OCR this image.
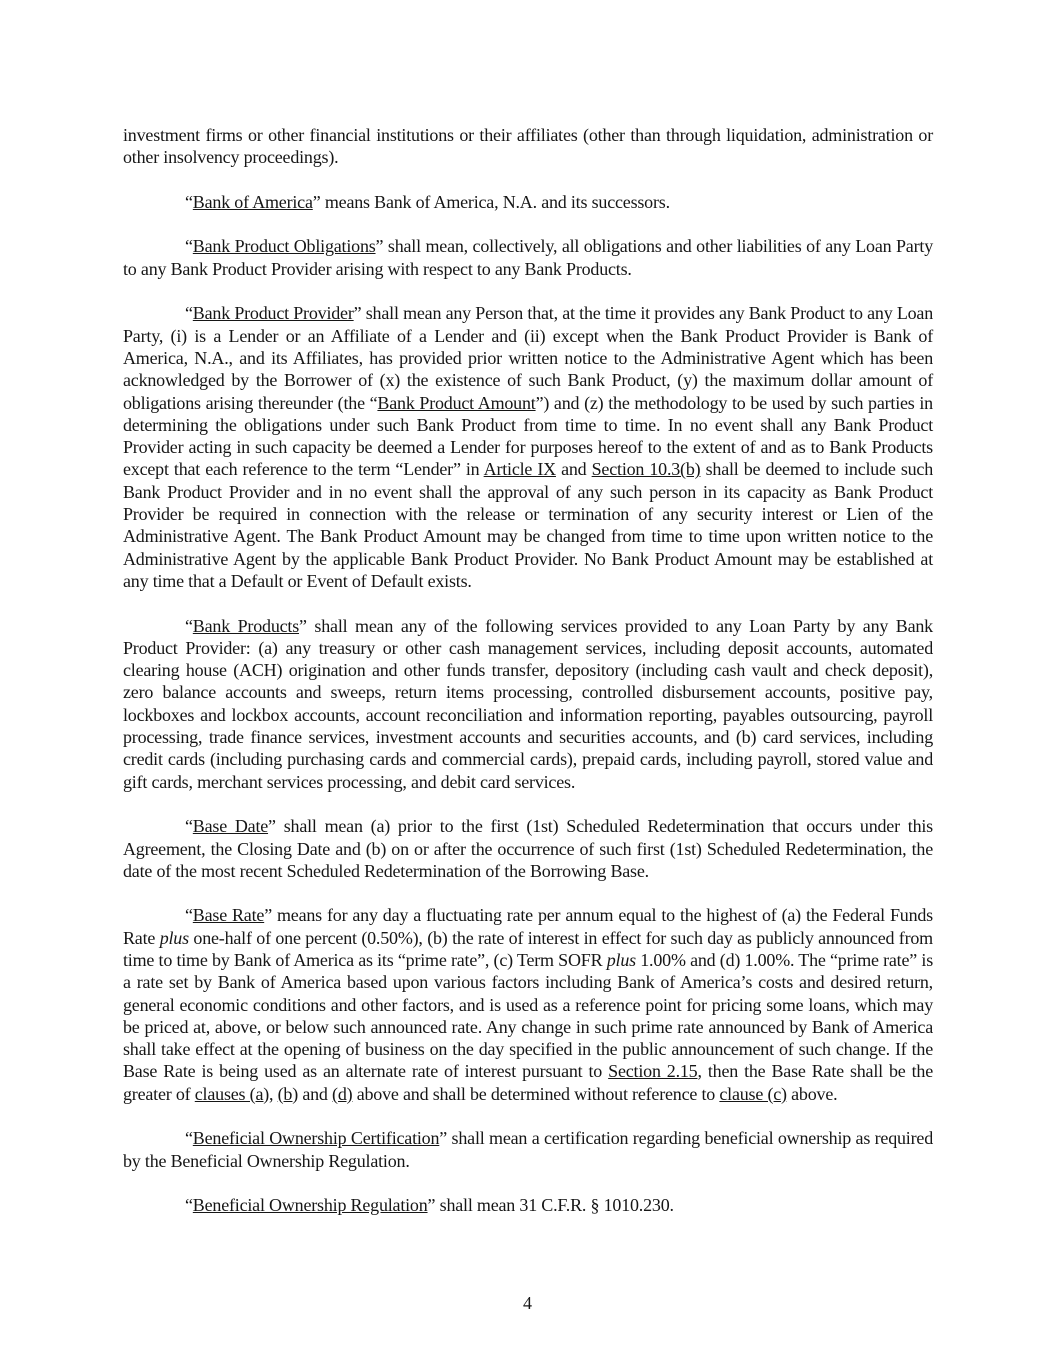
investment firms or other financial institutions or their affiliates (other than through liquidation, administration or other insolvency proceedings).

“Bank of America” means Bank of America, N.A. and its successors.

“Bank Product Obligations” shall mean, collectively, all obligations and other liabilities of any Loan Party to any Bank Product Provider arising with respect to any Bank Products.

“Bank Product Provider” shall mean any Person that, at the time it provides any Bank Product to any Loan Party, (i) is a Lender or an Affiliate of a Lender and (ii) except when the Bank Product Provider is Bank of America, N.A., and its Affiliates, has provided prior written notice to the Administrative Agent which has been acknowledged by the Borrower of (x) the existence of such Bank Product, (y) the maximum dollar amount of obligations arising thereunder (the “Bank Product Amount”) and (z) the methodology to be used by such parties in determining the obligations under such Bank Product from time to time. In no event shall any Bank Product Provider acting in such capacity be deemed a Lender for purposes hereof to the extent of and as to Bank Products except that each reference to the term “Lender” in Article IX and Section 10.3(b) shall be deemed to include such Bank Product Provider and in no event shall the approval of any such person in its capacity as Bank Product Provider be required in connection with the release or termination of any security interest or Lien of the Administrative Agent. The Bank Product Amount may be changed from time to time upon written notice to the Administrative Agent by the applicable Bank Product Provider. No Bank Product Amount may be established at any time that a Default or Event of Default exists.

“Bank Products” shall mean any of the following services provided to any Loan Party by any Bank Product Provider: (a) any treasury or other cash management services, including deposit accounts, automated clearing house (ACH) origination and other funds transfer, depository (including cash vault and check deposit), zero balance accounts and sweeps, return items processing, controlled disbursement accounts, positive pay, lockboxes and lockbox accounts, account reconciliation and information reporting, payables outsourcing, payroll processing, trade finance services, investment accounts and securities accounts, and (b) card services, including credit cards (including purchasing cards and commercial cards), prepaid cards, including payroll, stored value and gift cards, merchant services processing, and debit card services.

“Base Date” shall mean (a) prior to the first (1st) Scheduled Redetermination that occurs under this Agreement, the Closing Date and (b) on or after the occurrence of such first (1st) Scheduled Redetermination, the date of the most recent Scheduled Redetermination of the Borrowing Base.

“Base Rate” means for any day a fluctuating rate per annum equal to the highest of (a) the Federal Funds Rate plus one-half of one percent (0.50%), (b) the rate of interest in effect for such day as publicly announced from time to time by Bank of America as its “prime rate”, (c) Term SOFR plus 1.00% and (d) 1.00%. The “prime rate” is a rate set by Bank of America based upon various factors including Bank of America’s costs and desired return, general economic conditions and other factors, and is used as a reference point for pricing some loans, which may be priced at, above, or below such announced rate. Any change in such prime rate announced by Bank of America shall take effect at the opening of business on the day specified in the public announcement of such change. If the Base Rate is being used as an alternate rate of interest pursuant to Section 2.15, then the Base Rate shall be the greater of clauses (a), (b) and (d) above and shall be determined without reference to clause (c) above.

“Beneficial Ownership Certification” shall mean a certification regarding beneficial ownership as required by the Beneficial Ownership Regulation.

“Beneficial Ownership Regulation” shall mean 31 C.F.R. § 1010.230.

4
